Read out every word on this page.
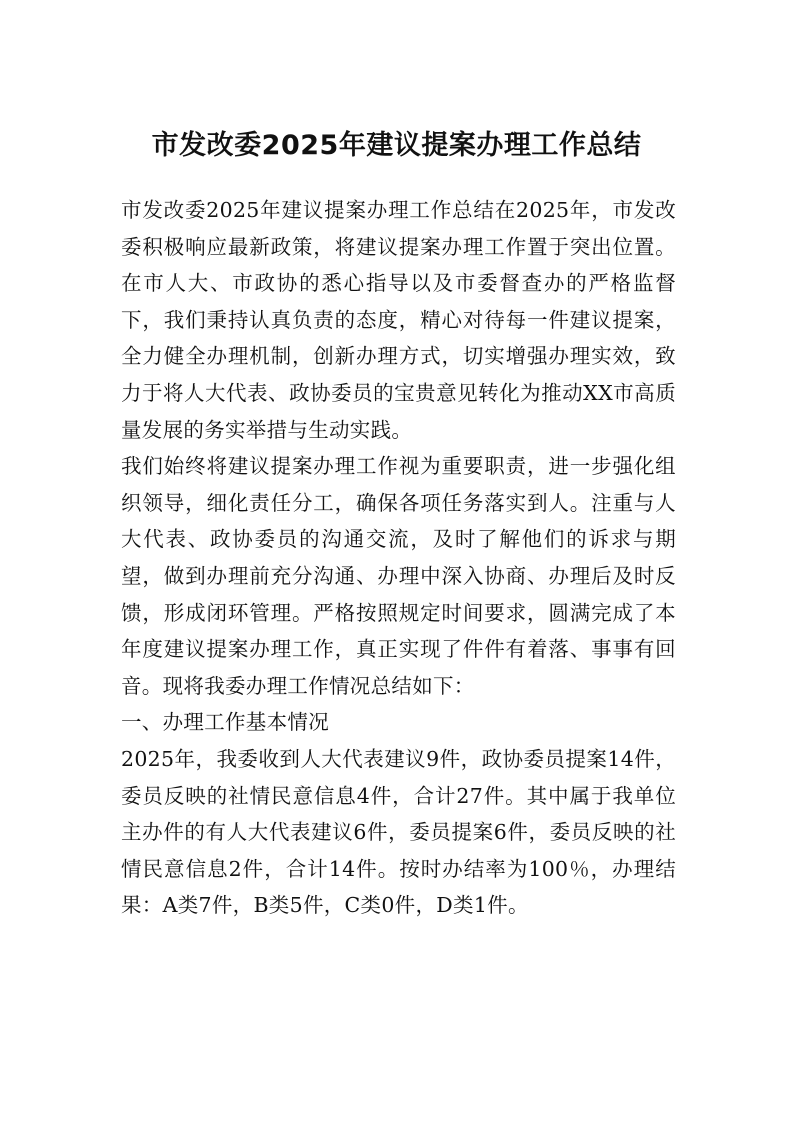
市发改委2025年建议提案办理工作总结

市发改委2025年建议提案办理工作总结在2025年，市发改委积极响应最新政策，将建议提案办理工作置于突出位置。在市人大、市政协的悉心指导以及市委督查办的严格监督下，我们秉持认真负责的态度，精心对待每一件建议提案，全力健全办理机制，创新办理方式，切实增强办理实效，致力于将人大代表、政协委员的宝贵意见转化为推动XX市高质量发展的务实举措与生动实践。

我们始终将建议提案办理工作视为重要职责，进一步强化组织领导，细化责任分工，确保各项任务落实到人。注重与人大代表、政协委员的沟通交流，及时了解他们的诉求与期望，做到办理前充分沟通、办理中深入协商、办理后及时反馈，形成闭环管理。严格按照规定时间要求，圆满完成了本年度建议提案办理工作，真正实现了件件有着落、事事有回音。现将我委办理工作情况总结如下：

一、办理工作基本情况

2025年，我委收到人大代表建议9件，政协委员提案14件，委员反映的社情民意信息4件，合计27件。其中属于我单位主办件的有人大代表建议6件，委员提案6件，委员反映的社情民意信息2件，合计14件。按时办结率为100％，办理结果：A类7件，B类5件，C类0件，D类1件。
